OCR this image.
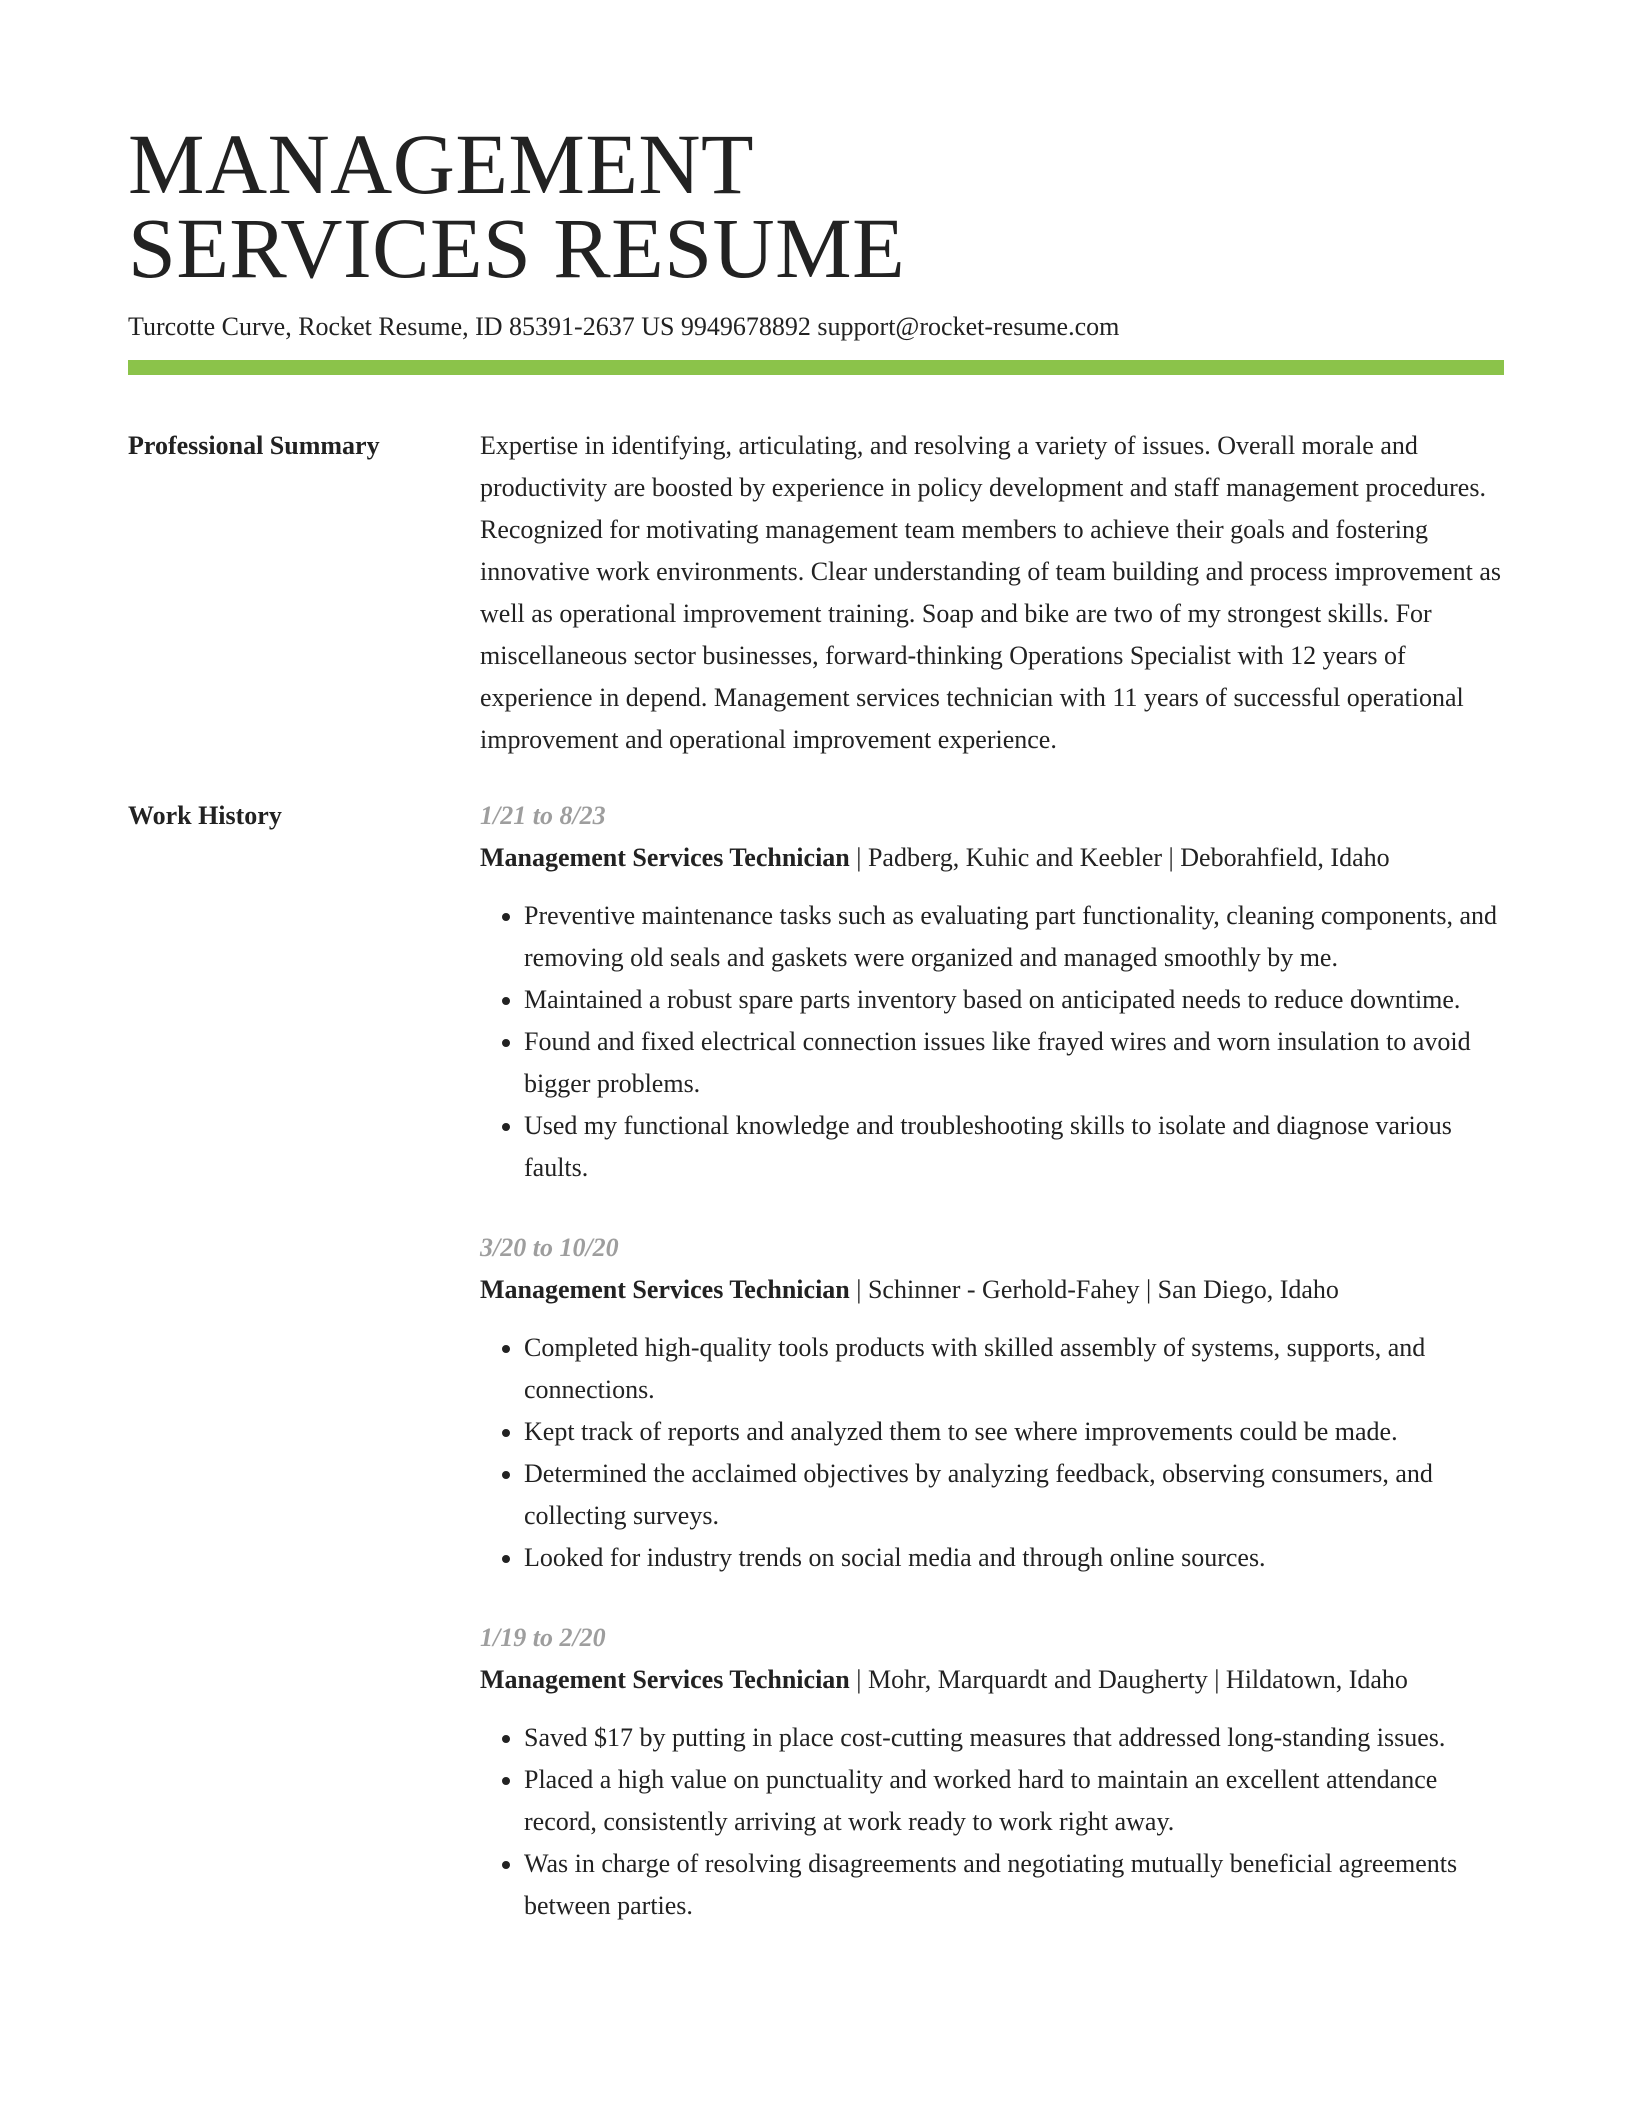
MANAGEMENT
SERVICES RESUME
Turcotte Curve, Rocket Resume, ID 85391-2637 US 9949678892 support@rocket-resume.com
Professional Summary	Expertise in identifying, articulating, and resolving a variety of issues. Overall morale and productivity are boosted by experience in policy development and staff management procedures. Recognized for motivating management team members to achieve their goals and fostering innovative work environments. Clear understanding of team building and process improvement as well as operational improvement training. Soap and bike are two of my strongest skills. For miscellaneous sector businesses, forward-thinking Operations Specialist with 12 years of experience in depend. Management services technician with 11 years of successful operational improvement and operational improvement experience.

Work History	1/21 to 8/23

Management Services Technician | Padberg, Kuhic and Keebler | Deborahfield, Idaho

• Preventive maintenance tasks such as evaluating part functionality, cleaning components, and removing old seals and gaskets were organized and managed smoothly by me.
• Maintained a robust spare parts inventory based on anticipated needs to reduce downtime.
• Found and fixed electrical connection issues like frayed wires and worn insulation to avoid bigger problems.
• Used my functional knowledge and troubleshooting skills to isolate and diagnose various faults.
3/20 to 10/20

Management Services Technician | Schinner - Gerhold-Fahey | San Diego, Idaho

• Completed high-quality tools products with skilled assembly of systems, supports, and connections.
• Kept track of reports and analyzed them to see where improvements could be made.
• Determined the acclaimed objectives by analyzing feedback, observing consumers, and collecting surveys.
• Looked for industry trends on social media and through online sources.
1/19 to 2/20

Management Services Technician | Mohr, Marquardt and Daugherty | Hildatown, Idaho

• Saved $17 by putting in place cost-cutting measures that addressed long-standing issues.
• Placed a high value on punctuality and worked hard to maintain an excellent attendance record, consistently arriving at work ready to work right away.
• Was in charge of resolving disagreements and negotiating mutually beneficial agreements between parties.
